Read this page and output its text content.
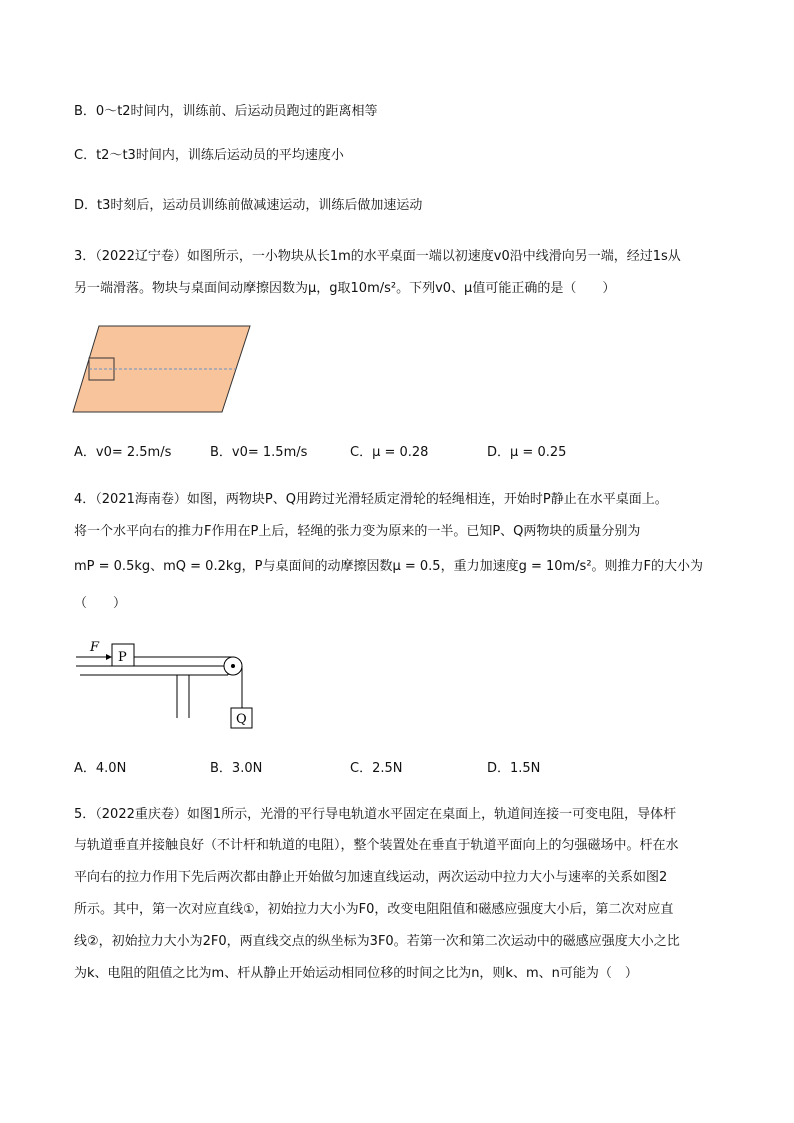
B．0～t2时间内，训练前、后运动员跑过的距离相等
C．t2～t3时间内，训练后运动员的平均速度小
D．t3时刻后，运动员训练前做减速运动，训练后做加速运动
3．（2022辽宁卷）如图所示，一小物块从长1m的水平桌面一端以初速度v0沿中线滑向另一端，经过1s从
另一端滑落。物块与桌面间动摩擦因数为μ，g取10m/s²。下列v0、μ值可能正确的是（　　）
A．v0= 2.5m/s	B．v0= 1.5m/s	C．μ = 0.28	D．μ = 0.25
4．（2021海南卷）如图，两物块P、Q用跨过光滑轻质定滑轮的轻绳相连，开始时P静止在水平桌面上。
将一个水平向右的推力F作用在P上后，轻绳的张力变为原来的一半。已知P、Q两物块的质量分别为
mP = 0.5kg、mQ = 0.2kg，P与桌面间的动摩擦因数μ = 0.5，重力加速度g = 10m/s²。则推力F的大小为
（　　）
F
P
Q
A．4.0N	B．3.0N	C．2.5N	D．1.5N
5．（2022重庆卷）如图1所示，光滑的平行导电轨道水平固定在桌面上，轨道间连接一可变电阻，导体杆
与轨道垂直并接触良好（不计杆和轨道的电阻），整个装置处在垂直于轨道平面向上的匀强磁场中。杆在水
平向右的拉力作用下先后两次都由静止开始做匀加速直线运动，两次运动中拉力大小与速率的关系如图2
所示。其中，第一次对应直线①，初始拉力大小为F0，改变电阻阻值和磁感应强度大小后，第二次对应直
线②，初始拉力大小为2F0，两直线交点的纵坐标为3F0。若第一次和第二次运动中的磁感应强度大小之比
为k、电阻的阻值之比为m、杆从静止开始运动相同位移的时间之比为n，则k、m、n可能为（　）
